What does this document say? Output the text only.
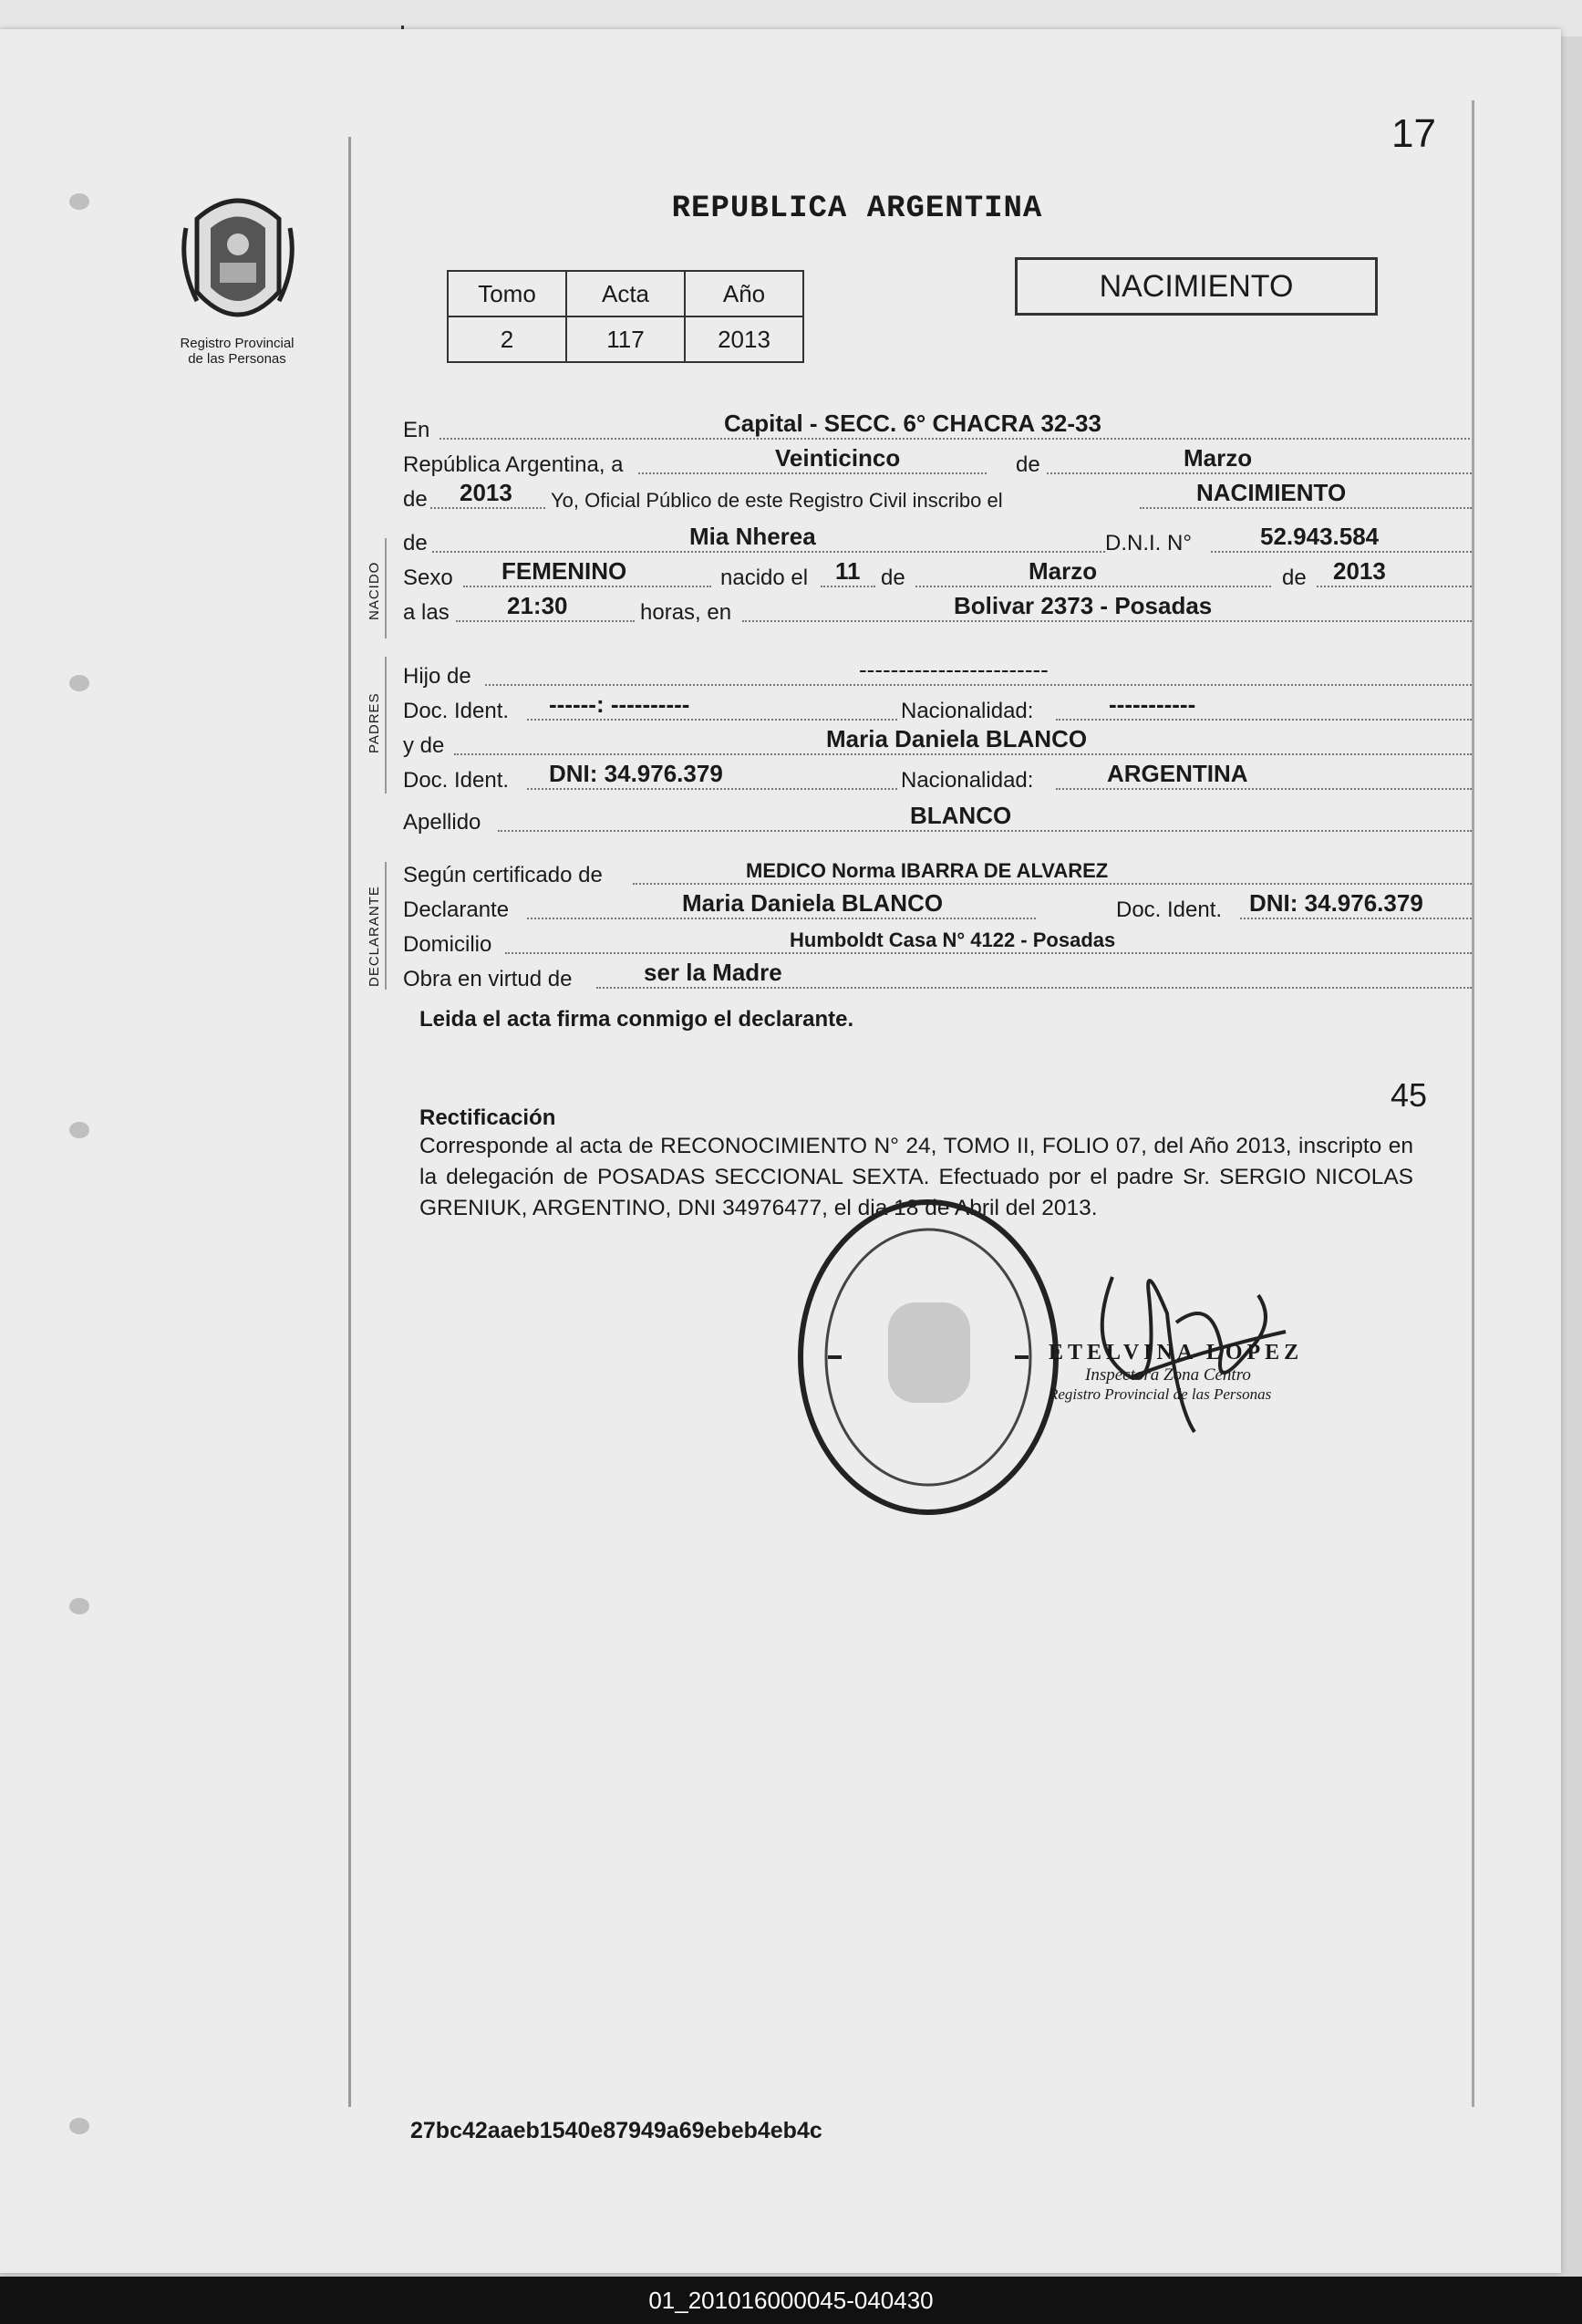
17
Registro Provincial
de las Personas
REPUBLICA ARGENTINA
Tomo	Acta	Año
2	117	2013
NACIMIENTO
NACIDO
PADRES
DECLARANTE
En	Capital - SECC. 6° CHACRA 32-33
República Argentina, a	Veinticinco	de	Marzo
de 2013 Yo, Oficial Público de este Registro Civil inscribo el	NACIMIENTO
de	Mia Nherea	D.N.I. N°	52.943.584
Sexo FEMENINO	nacido el 11 de	Marzo	de 2013
a las 21:30	horas, en	Bolivar 2373 - Posadas
Hijo de	------------------------
Doc. Ident. ------: ----------	Nacionalidad:	-----------
y de	Maria Daniela BLANCO
Doc. Ident. DNI: 34.976.379	Nacionalidad:	ARGENTINA
Apellido	BLANCO
Según certificado de	MEDICO Norma IBARRA DE ALVAREZ
Declarante	Maria Daniela BLANCO	Doc. Ident. DNI: 34.976.379
Domicilio	Humboldt Casa N° 4122 - Posadas
Obra en virtud de	ser la Madre
Leida el acta firma conmigo el declarante.
45
Rectificación
Corresponde al acta de RECONOCIMIENTO N° 24, TOMO II, FOLIO 07, del Año 2013, inscripto en la delegación de POSADAS SECCIONAL SEXTA. Efectuado por el padre Sr. SERGIO NICOLAS GRENIUK, ARGENTINO, DNI 34976477, el dia 18 de Abril del 2013.
ETELVINA LOPEZ
Inspectora Zona Centro
Registro Provincial de las Personas
27bc42aaeb1540e87949a69ebeb4eb4c
01_201016000045-040430
